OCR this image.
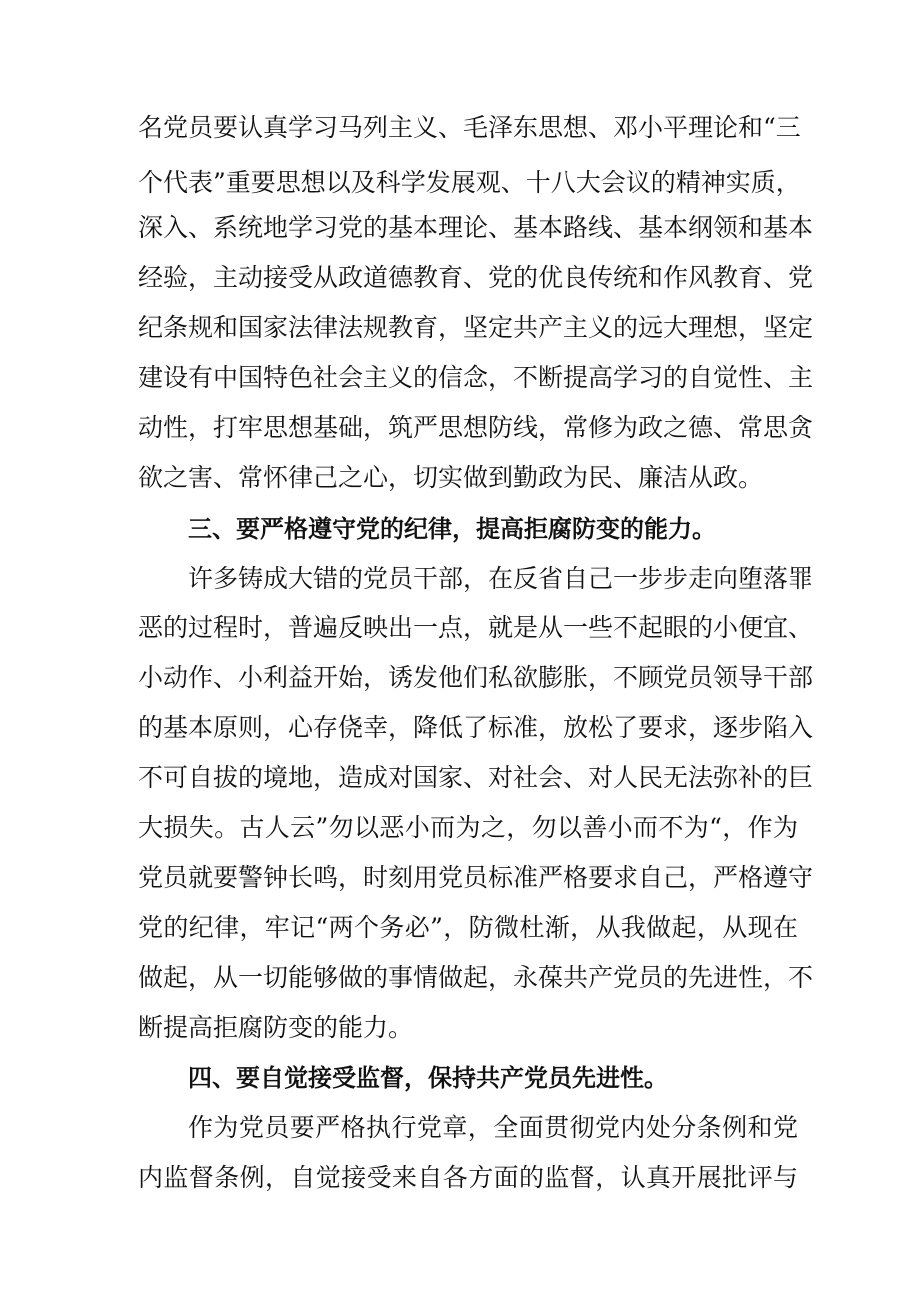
名党员要认真学习马列主义、毛泽东思想、邓小平理论和“三
个代表”重要思想以及科学发展观、十八大会议的精神实质，
深入、系统地学习党的基本理论、基本路线、基本纲领和基本
经验，主动接受从政道德教育、党的优良传统和作风教育、党
纪条规和国家法律法规教育，坚定共产主义的远大理想，坚定
建设有中国特色社会主义的信念，不断提高学习的自觉性、主
动性，打牢思想基础，筑严思想防线，常修为政之德、常思贪
欲之害、常怀律己之心，切实做到勤政为民、廉洁从政。
三、要严格遵守党的纪律，提高拒腐防变的能力。
许多铸成大错的党员干部，在反省自己一步步走向堕落罪
恶的过程时，普遍反映出一点，就是从一些不起眼的小便宜、
小动作、小利益开始，诱发他们私欲膨胀，不顾党员领导干部
的基本原则，心存侥幸，降低了标准，放松了要求，逐步陷入
不可自拔的境地，造成对国家、对社会、对人民无法弥补的巨
大损失。古人云”勿以恶小而为之，勿以善小而不为“，作为
党员就要警钟长鸣，时刻用党员标准严格要求自己，严格遵守
党的纪律，牢记“两个务必”，防微杜渐，从我做起，从现在
做起，从一切能够做的事情做起，永葆共产党员的先进性，不
断提高拒腐防变的能力。
四、要自觉接受监督，保持共产党员先进性。
作为党员要严格执行党章，全面贯彻党内处分条例和党
内监督条例，自觉接受来自各方面的监督，认真开展批评与
